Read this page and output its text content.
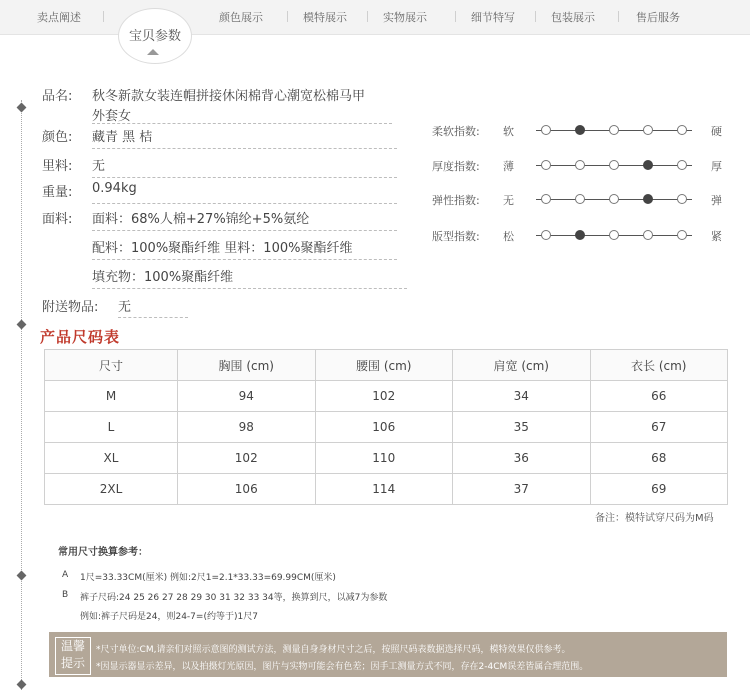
卖点阐述	颜色展示	模特展示	实物展示	细节特写	包装展示	售后服务
宝贝参数
品名: 秋冬新款女装连帽拼接休闲棉背心潮宽松棉马甲
外套女
颜色: 藏青 黑 桔
里料: 无
重量: 0.94kg
面料: 面料：68%人棉+27%锦纶+5%氨纶
配料：100%聚酯纤维 里料：100%聚酯纤维
填充物：100%聚酯纤维
附送物品: 无
柔软指数: 软	硬
厚度指数: 薄	厚
弹性指数: 无	弹
版型指数: 松	紧
产品尺码表
尺寸	胸围 (cm)	腰围 (cm)	肩宽 (cm)	衣长 (cm)
M	94	102	34	66
L	98	106	35	67
XL	102	110	36	68
2XL	106	114	37	69
备注：模特试穿尺码为M码
常用尺寸换算参考：
A 1尺=33.33CM(厘米) 例如:2尺1=2.1*33.33=69.99CM(厘米)
B 裤子尺码:24 25 26 27 28 29 30 31 32 33 34等，换算到尺，以减7为参数
例如:裤子尺码是24，则24-7=(约等于)1尺7
温馨
提示
*尺寸单位:CM,请亲们对照示意图的测试方法，测量自身身材尺寸之后，按照尺码表数据选择尺码，模特效果仅供参考。
*因显示器显示差异，以及拍摄灯光原因，图片与实物可能会有色差；因手工测量方式不同，存在2-4CM误差皆属合理范围。
